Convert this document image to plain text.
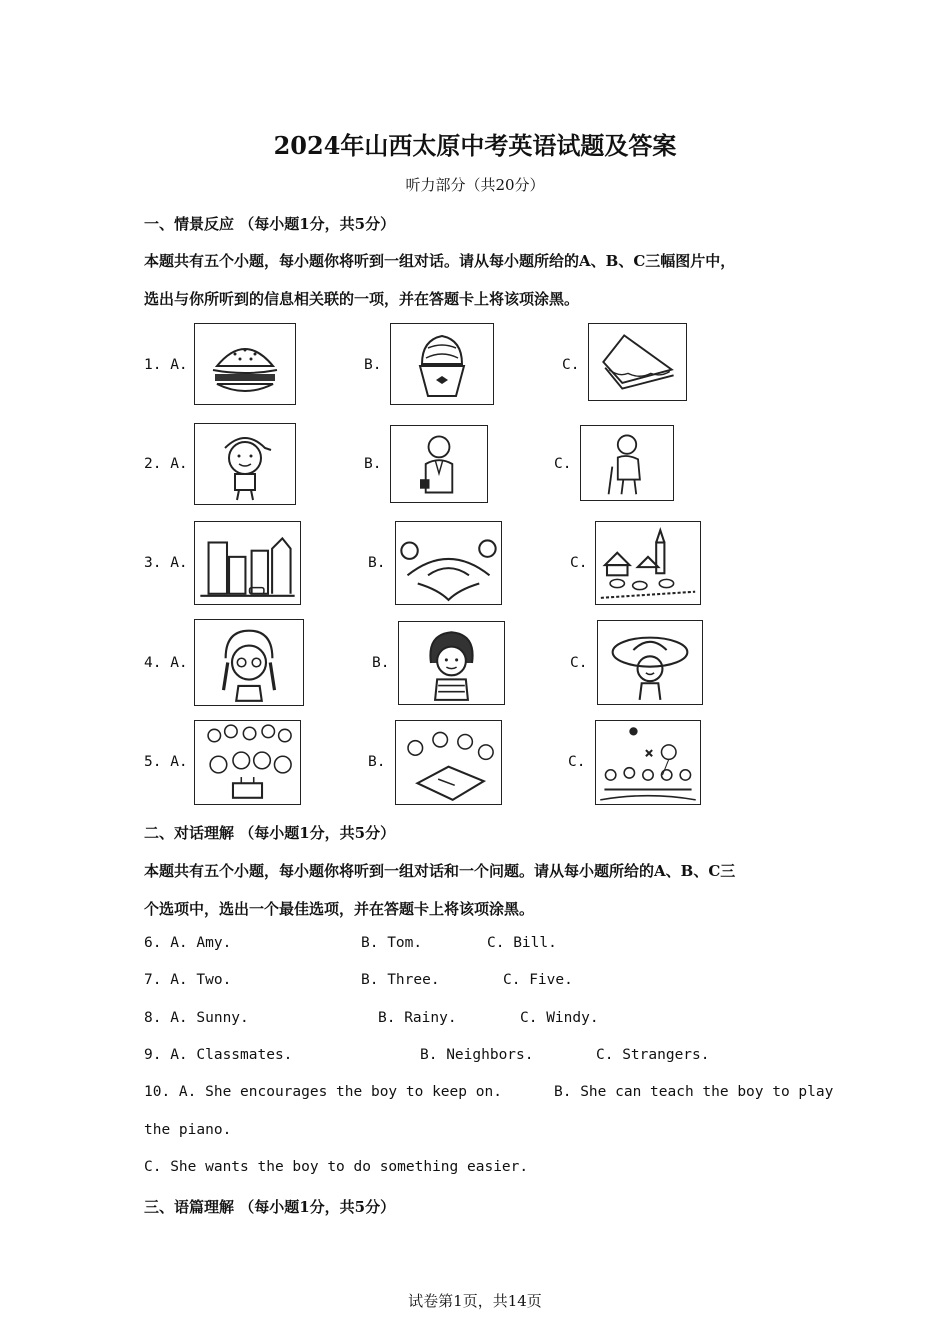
2024年山西太原中考英语试题及答案
听力部分（共20分）
一、情景反应 （每小题1分，共5分）
本题共有五个小题，每小题你将听到一组对话。请从每小题所给的A、B、C三幅图片中，
选出与你所听到的信息相关联的一项，并在答题卡上将该项涂黑。
1. A.	B.	C.
2. A.	B.	C.
3. A.	B.	C.
4. A.	B.	C.
5. A.	B.	C.
二、对话理解 （每小题1分，共5分）
本题共有五个小题，每小题你将听到一组对话和一个问题。请从每小题所给的A、B、C三
个选项中，选出一个最佳选项，并在答题卡上将该项涂黑。
6. A. Amy.	B. Tom.	C. Bill.
7. A. Two.	B. Three.	C. Five.
8. A. Sunny.	B. Rainy.	C. Windy.
9. A. Classmates.	B. Neighbors.	C. Strangers.
10. A. She encourages the boy to keep on.	B. She can teach the boy to play
the piano.
C. She wants the boy to do something easier.
三、语篇理解 （每小题1分，共5分）
试卷第1页，共14页
